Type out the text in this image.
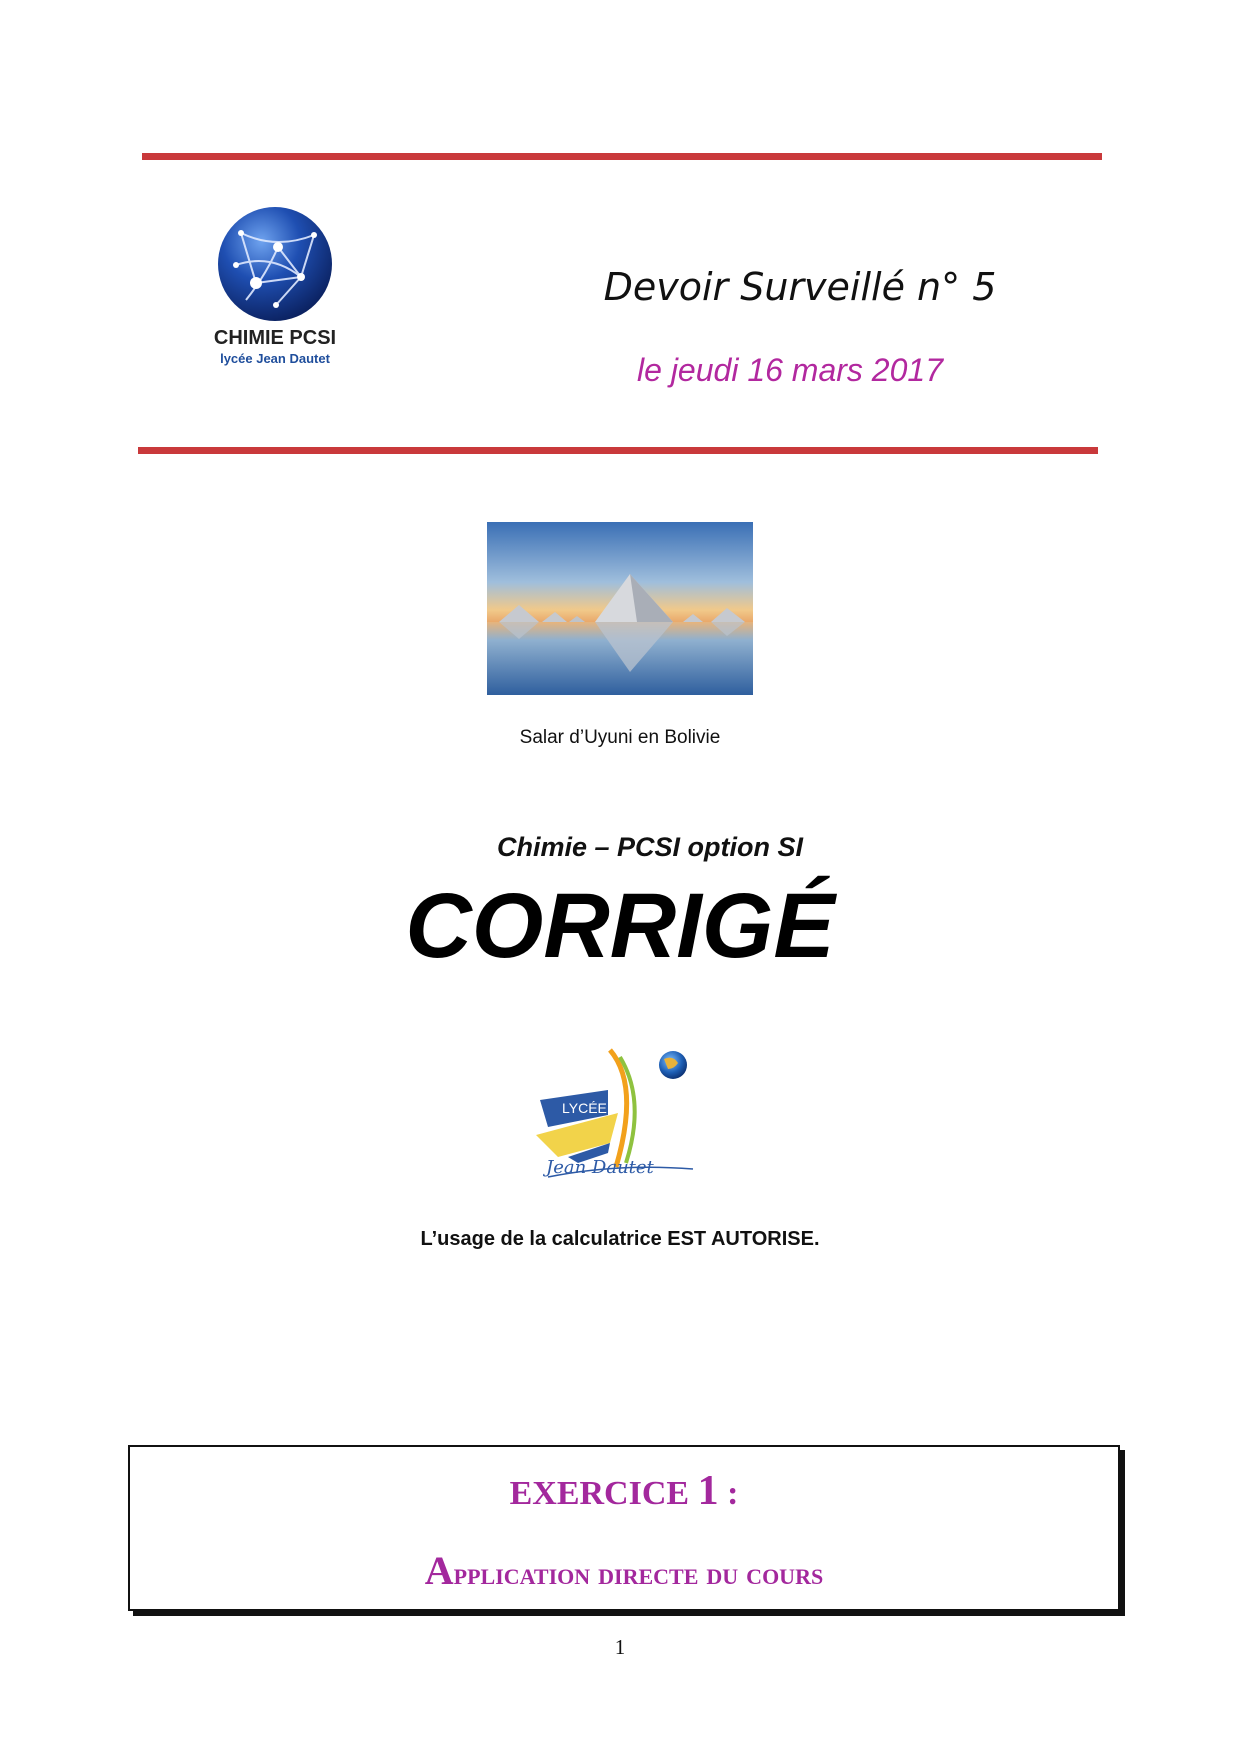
CHIMIE PCSI
lycée Jean Dautet
Devoir Surveillé n° 5
le jeudi 16 mars 2017
Salar d’Uyuni en Bolivie
Chimie – PCSI option SI
CORRIGÉ
LYCÉE
Jean Dautet
L’usage de la calculatrice EST AUTORISE.
EXERCICE 1 :
Application directe du cours
1
